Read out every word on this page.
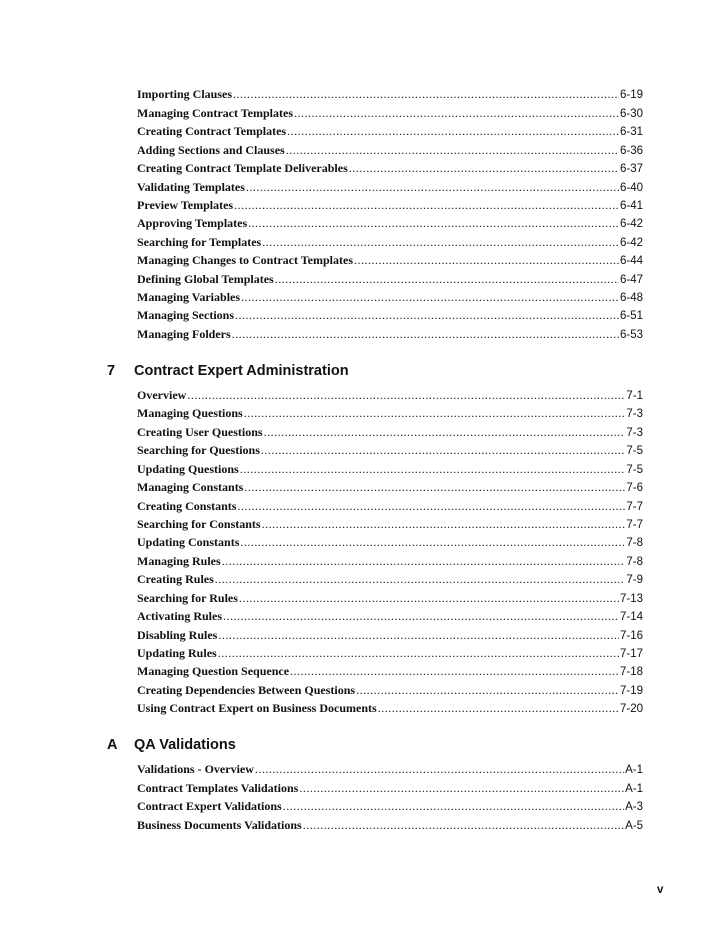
Importing Clauses .....	6-19
Managing Contract Templates .....	6-30
Creating Contract Templates .....	6-31
Adding Sections and Clauses .....	6-36
Creating Contract Template Deliverables .....	6-37
Validating Templates .....	6-40
Preview Templates .....	6-41
Approving Templates .....	6-42
Searching for Templates .....	6-42
Managing Changes to Contract Templates .....	6-44
Defining Global Templates .....	6-47
Managing Variables .....	6-48
Managing Sections .....	6-51
Managing Folders .....	6-53
7	Contract Expert Administration
Overview .....	7-1
Managing Questions .....	7-3
Creating User Questions .....	7-3
Searching for Questions .....	7-5
Updating Questions .....	7-5
Managing Constants .....	7-6
Creating Constants .....	7-7
Searching for Constants .....	7-7
Updating Constants .....	7-8
Managing Rules .....	7-8
Creating Rules .....	7-9
Searching for Rules .....	7-13
Activating Rules .....	7-14
Disabling Rules .....	7-16
Updating Rules .....	7-17
Managing Question Sequence .....	7-18
Creating Dependencies Between Questions .....	7-19
Using Contract Expert on Business Documents .....	7-20
A	QA Validations
Validations - Overview .....	A-1
Contract Templates Validations .....	A-1
Contract Expert Validations .....	A-3
Business Documents Validations .....	A-5
v
